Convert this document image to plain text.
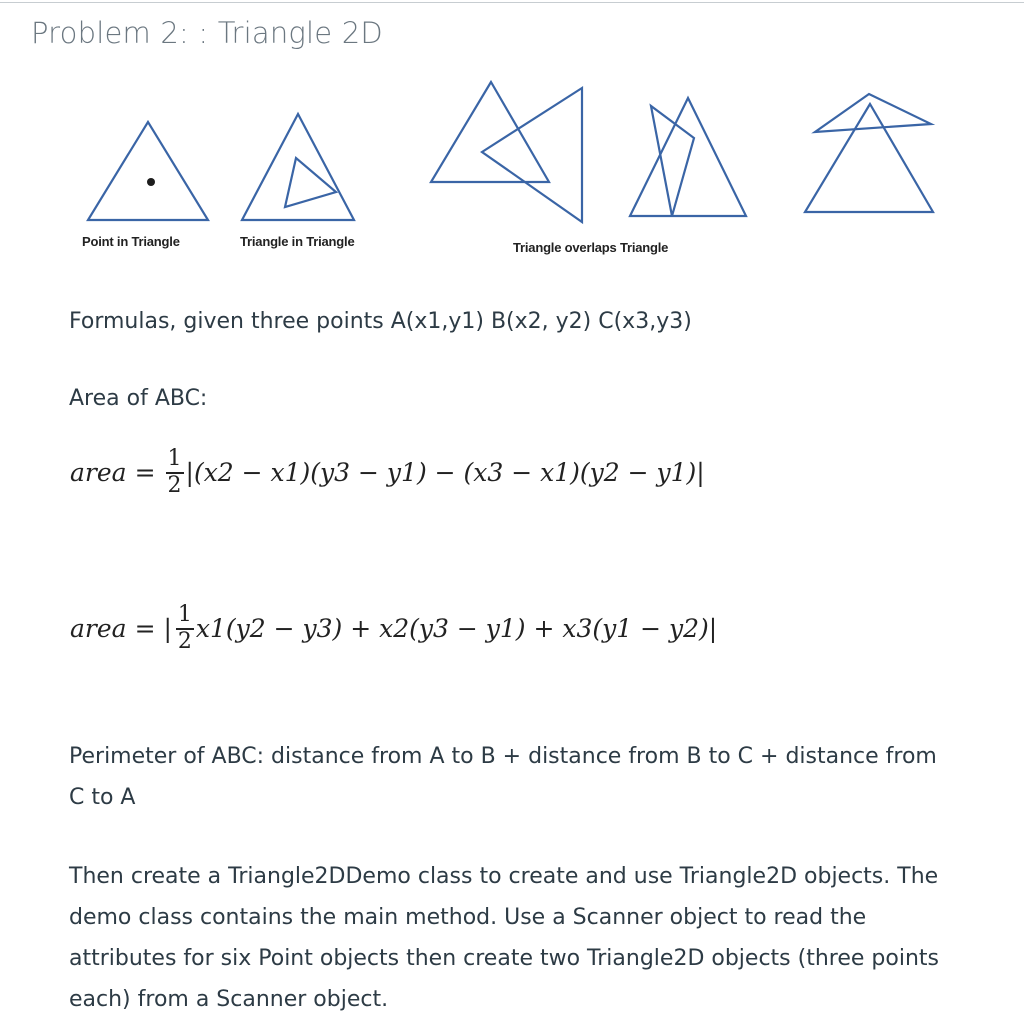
Problem 2: : Triangle 2D
Point in Triangle	Triangle in Triangle	Triangle overlaps Triangle

Formulas, given three points A(x1,y1) B(x2, y2) C(x3,y3)

Area of ABC:

area = $\frac{1}{2} |(x2 - x1)(y3 - y1) - (x3 - x1)(y2 - y1)|$
area = | $\frac{1}{2} x1(y2 - y3) + x2(y3 - y1) + x3(y1 - y2)|$

Perimeter of ABC: distance from A to B + distance from B to C + distance from C to A

Then create a Triangle2DDemo class to create and use Triangle2D objects. The demo class contains the main method. Use a Scanner object to read the attributes for six Point objects then create two Triangle2D objects (three points each) from a Scanner object.
